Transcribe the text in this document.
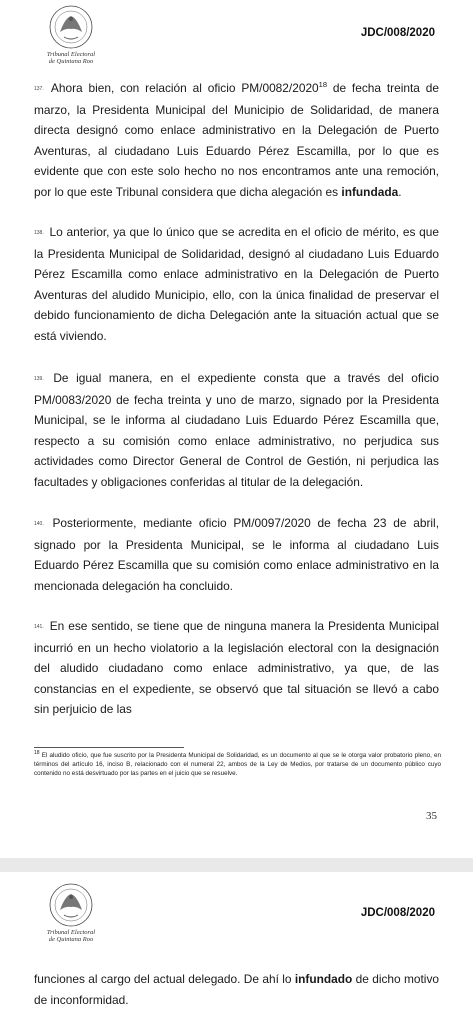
Tribunal Electoral
de Quintana Roo
JDC/008/2020

137. Ahora bien, con relación al oficio PM/0082/2020$^{18}$ de fecha treinta de marzo, la Presidenta Municipal del Municipio de Solidaridad, de manera directa designó como enlace administrativo en la Delegación de Puerto Aventuras, al ciudadano Luis Eduardo Pérez Escamilla, por lo que es evidente que con este solo hecho no nos encontramos ante una remoción, por lo que este Tribunal considera que dicha alegación es infundada.

138. Lo anterior, ya que lo único que se acredita en el oficio de mérito, es que la Presidenta Municipal de Solidaridad, designó al ciudadano Luis Eduardo Pérez Escamilla como enlace administrativo en la Delegación de Puerto Aventuras del aludido Municipio, ello, con la única finalidad de preservar el debido funcionamiento de dicha Delegación ante la situación actual que se está viviendo.

139. De igual manera, en el expediente consta que a través del oficio PM/0083/2020 de fecha treinta y uno de marzo, signado por la Presidenta Municipal, se le informa al ciudadano Luis Eduardo Pérez Escamilla que, respecto a su comisión como enlace administrativo, no perjudica sus actividades como Director General de Control de Gestión, ni perjudica las facultades y obligaciones conferidas al titular de la delegación.

140. Posteriormente, mediante oficio PM/0097/2020 de fecha 23 de abril, signado por la Presidenta Municipal, se le informa al ciudadano Luis Eduardo Pérez Escamilla que su comisión como enlace administrativo en la mencionada delegación ha concluido.

141. En ese sentido, se tiene que de ninguna manera la Presidenta Municipal incurrió en un hecho violatorio a la legislación electoral con la designación del aludido ciudadano como enlace administrativo, ya que, de las constancias en el expediente, se observó que tal situación se llevó a cabo sin perjuicio de las

$^{18}$ El aludido oficio, que fue suscrito por la Presidenta Municipal de Solidaridad, es un documento al que se le otorga valor probatorio pleno, en términos del artículo 16, inciso B, relacionado con el numeral 22, ambos de la Ley de Medios, por tratarse de un documento público cuyo contenido no está desvirtuado por las partes en el juicio que se resuelve.

35
Tribunal Electoral
de Quintana Roo
JDC/008/2020

funciones al cargo del actual delegado. De ahí lo infundado de dicho motivo de inconformidad.
